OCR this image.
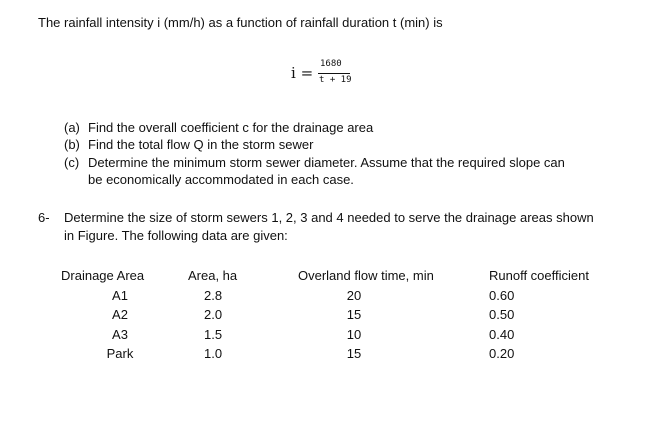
The rainfall intensity i (mm/h) as a function of rainfall duration t (min) is
i = 1680
t + 19
(a) Find the overall coefficient c for the drainage area
(b) Find the total flow Q in the storm sewer
(c) Determine the minimum storm sewer diameter. Assume that the required slope can
be economically accommodated in each case.
6- Determine the size of storm sewers 1, 2, 3 and 4 needed to serve the drainage areas shown
in Figure. The following data are given:
Drainage Area	Area, ha	Overland flow time, min	Runoff coefficient
A1	2.8	20	0.60
A2	2.0	15	0.50
A3	1.5	10	0.40
Park	1.0	15	0.20
